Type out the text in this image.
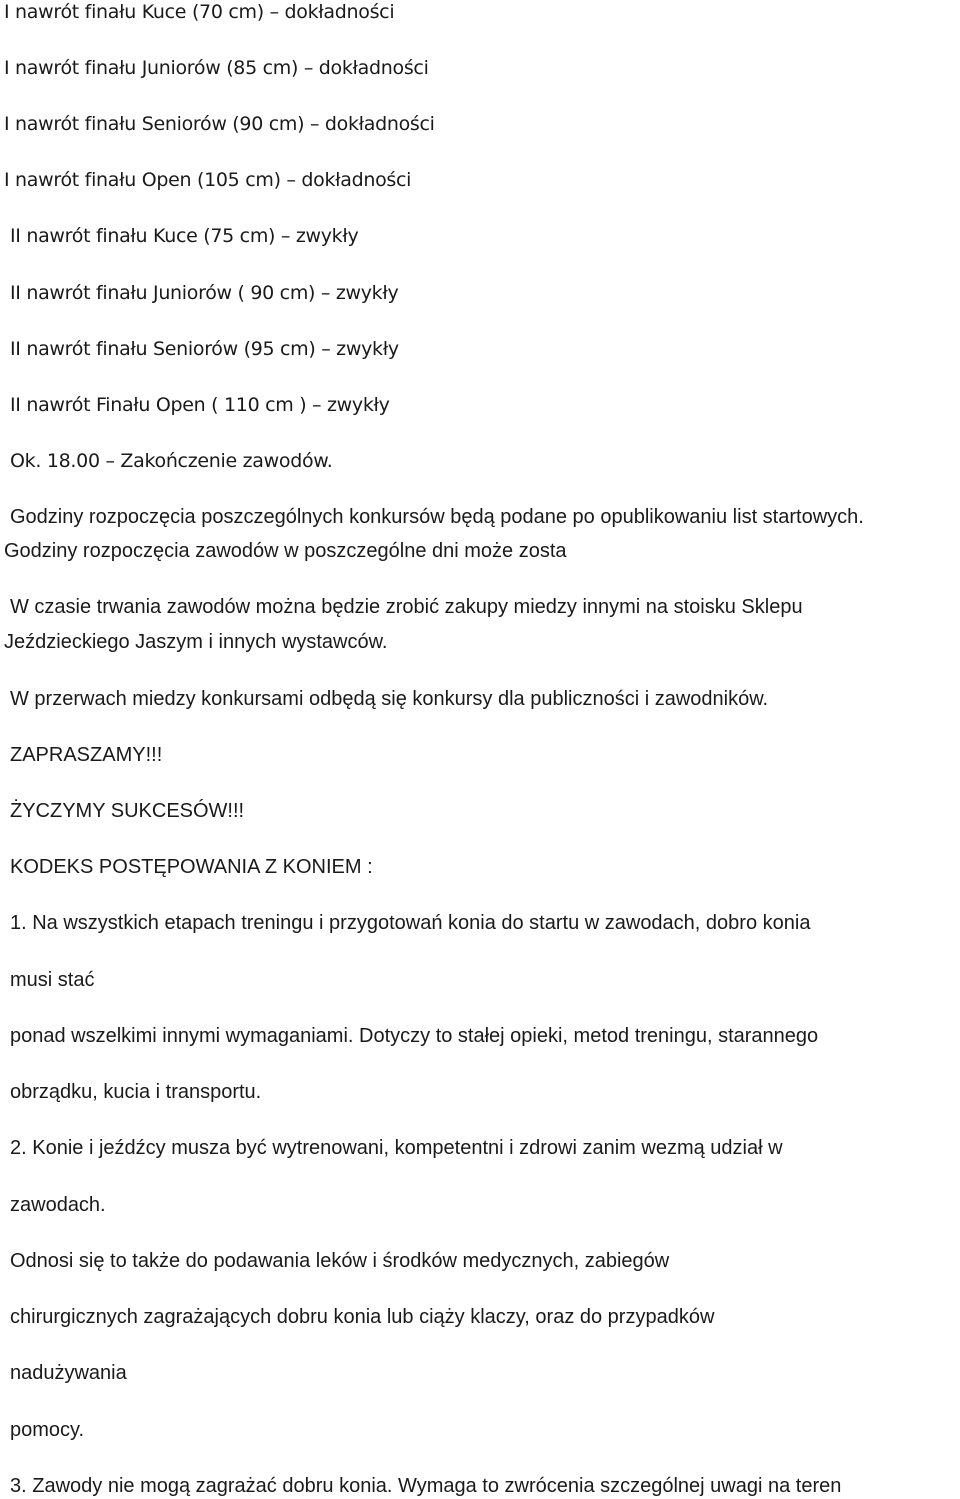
I nawrót finału Kuce (70 cm) – dokładności
I nawrót finału Juniorów (85 cm) – dokładności
I nawrót finału Seniorów (90 cm) – dokładności
I nawrót finału Open (105 cm) – dokładności
II nawrót finału Kuce (75 cm) – zwykły
II nawrót finału Juniorów ( 90 cm) – zwykły
II nawrót finału Seniorów (95 cm) – zwykły
II nawrót Finału Open ( 110 cm ) – zwykły
Ok. 18.00 – Zakończenie zawodów.
Godziny rozpoczęcia poszczególnych konkursów będą podane po opublikowaniu list startowych.
Godziny rozpoczęcia zawodów w poszczególne dni może zosta
W czasie trwania zawodów można będzie zrobić zakupy miedzy innymi na stoisku Sklepu
Jeździeckiego Jaszym i innych wystawców.
W przerwach miedzy konkursami odbędą się konkursy dla publiczności i zawodników.
ZAPRASZAMY!!!
ŻYCZYMY SUKCESÓW!!!
KODEKS POSTĘPOWANIA Z KONIEM :
1. Na wszystkich etapach treningu i przygotowań konia do startu w zawodach, dobro konia
musi stać
ponad wszelkimi innymi wymaganiami. Dotyczy to stałej opieki, metod treningu, starannego
obrządku, kucia i transportu.
2. Konie i jeźdźcy musza być wytrenowani, kompetentni i zdrowi zanim wezmą udział w
zawodach.
Odnosi się to także do podawania leków i środków medycznych, zabiegów
chirurgicznych zagrażających dobru konia lub ciąży klaczy, oraz do przypadków
nadużywania
pomocy.
3. Zawody nie mogą zagrażać dobru konia. Wymaga to zwrócenia szczególnej uwagi na teren
